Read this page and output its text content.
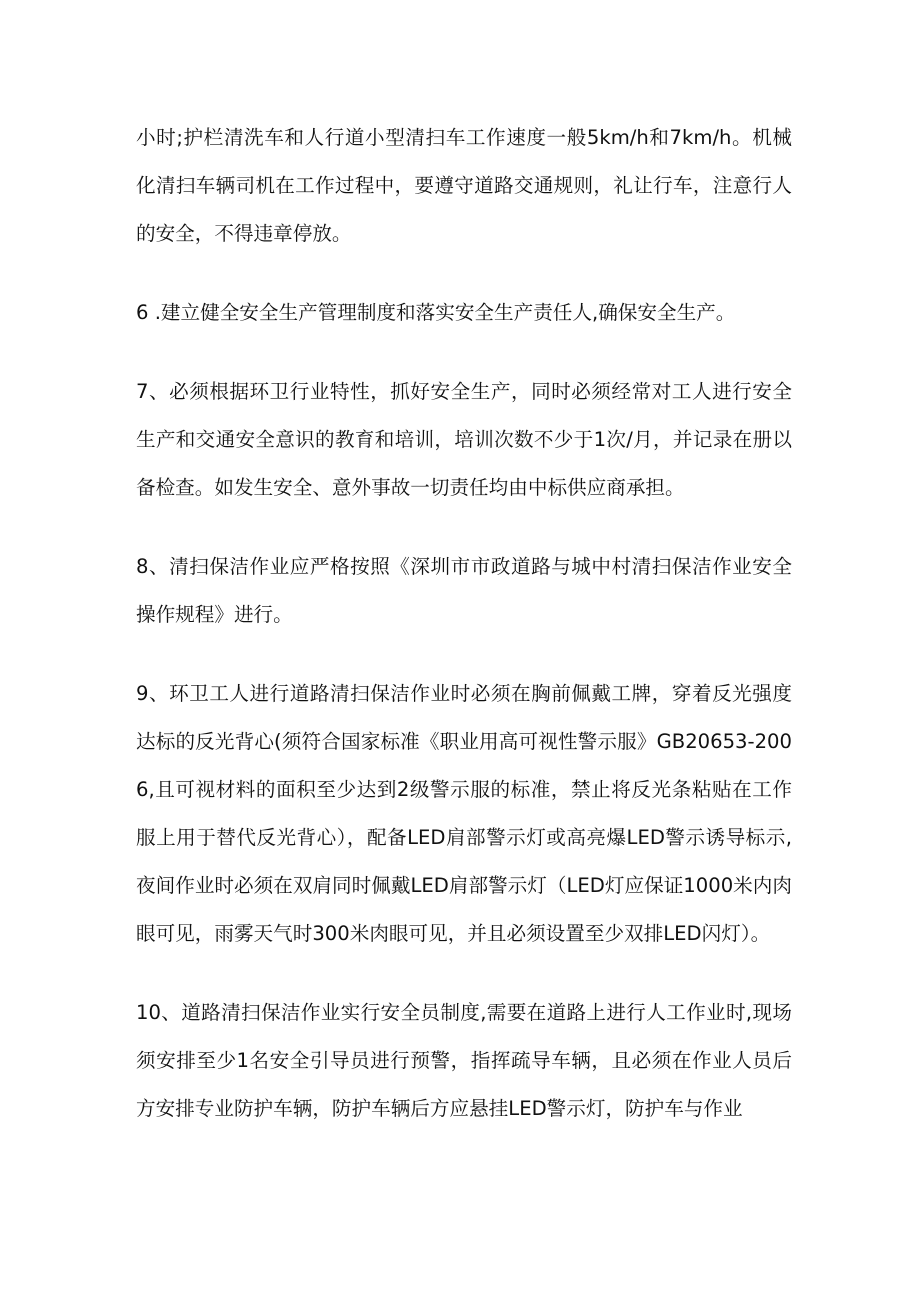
小时;护栏清洗车和人行道小型清扫车工作速度一般5km/h和7km/h。机械化清扫车辆司机在工作过程中，要遵守道路交通规则，礼让行车，注意行人的安全，不得违章停放。

6 .建立健全安全生产管理制度和落实安全生产责任人,确保安全生产。

7、必须根据环卫行业特性，抓好安全生产，同时必须经常对工人进行安全生产和交通安全意识的教育和培训，培训次数不少于1次/月，并记录在册以备检查。如发生安全、意外事故一切责任均由中标供应商承担。

8、清扫保洁作业应严格按照《深圳市市政道路与城中村清扫保洁作业安全操作规程》进行。

9、环卫工人进行道路清扫保洁作业时必须在胸前佩戴工牌，穿着反光强度达标的反光背心(须符合国家标准《职业用高可视性警示服》GB20653-2006,且可视材料的面积至少达到2级警示服的标准，禁止将反光条粘贴在工作服上用于替代反光背心），配备LED肩部警示灯或高亮爆LED警示诱导标示,夜间作业时必须在双肩同时佩戴LED肩部警示灯（LED灯应保证1000米内肉眼可见，雨雾天气时300米肉眼可见，并且必须设置至少双排LED闪灯）。

10、道路清扫保洁作业实行安全员制度,需要在道路上进行人工作业时,现场须安排至少1名安全引导员进行预警，指挥疏导车辆，且必须在作业人员后方安排专业防护车辆，防护车辆后方应悬挂LED警示灯，防护车与作业
